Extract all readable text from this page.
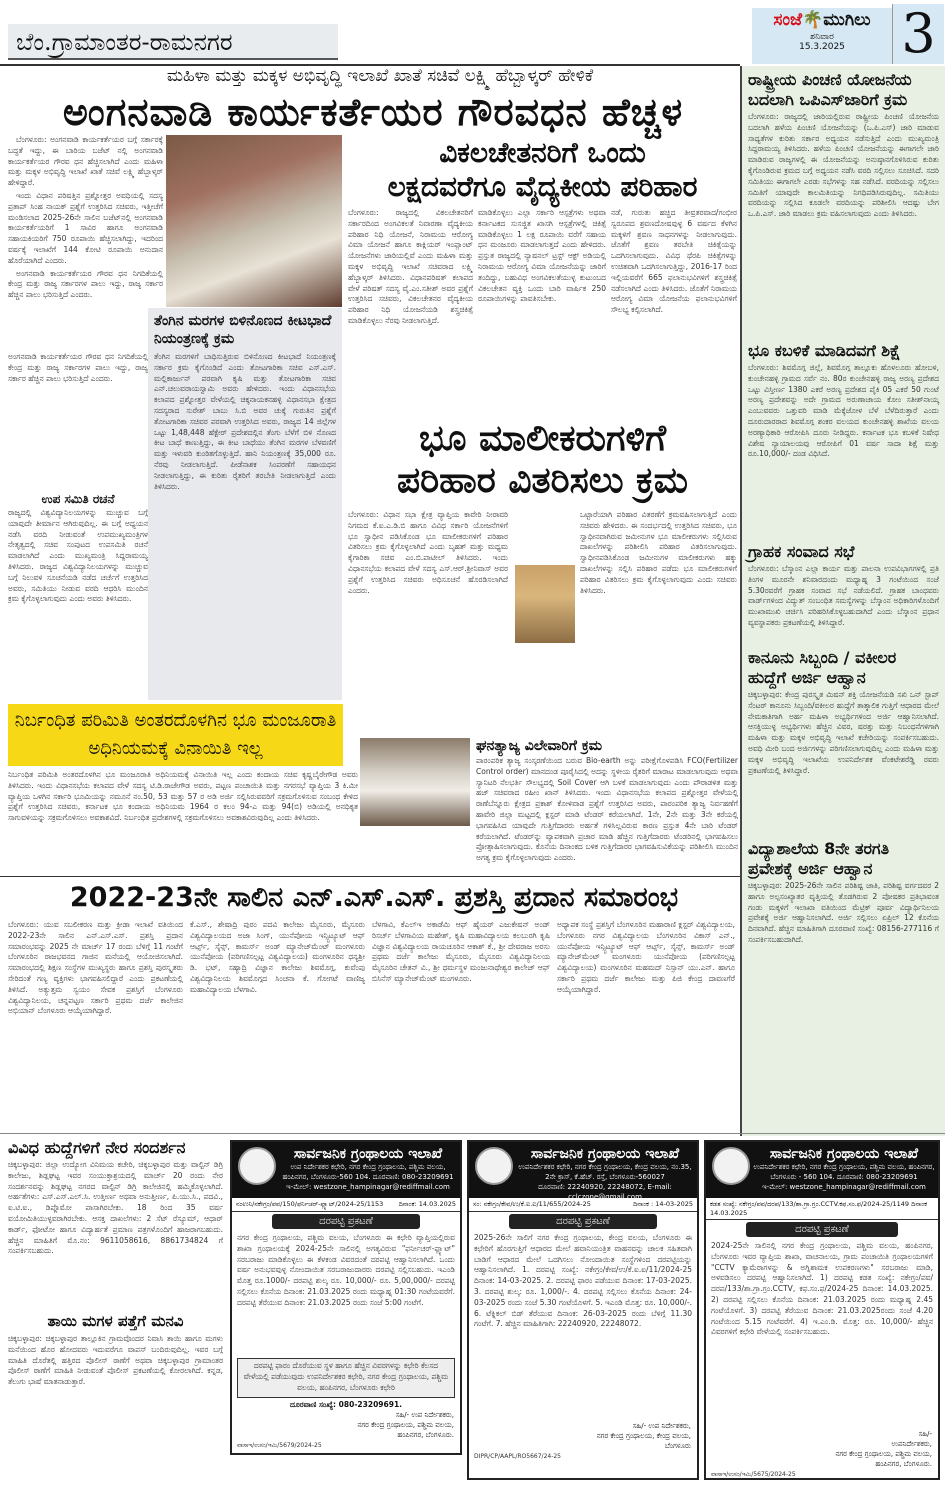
ಬೆಂ.ಗ್ರಾಮಾಂತರ-ರಾಮನಗರ
ಸಂಜೆ🌴ಮುಗಿಲು
ಶನಿವಾರ
15.3.2025	3
ಮಹಿಳಾ ಮತ್ತು ಮಕ್ಕಳ ಅಭಿವೃದ್ಧಿ ಇಲಾಖೆ ಖಾತೆ ಸಚಿವೆ ಲಕ್ಷ್ಮಿ ಹೆಬ್ಬಾಳ್ಕರ್ ಹೇಳಿಕೆ
ಅಂಗನವಾಡಿ ಕಾರ್ಯಕರ್ತೆಯರ ಗೌರವಧನ ಹೆಚ್ಚಳ

ಬೆಂಗಳೂರು: ಅಂಗನವಾಡಿ ಕಾರ್ಯಕರ್ತೆಯರ ಬಗ್ಗೆ ಸರ್ಕಾರಕ್ಕೆ ಬದ್ಧತೆ ಇದ್ದು, ಈ ಬಾರಿಯ ಬಜೆಟ್ ನಲ್ಲಿ ಅಂಗನವಾಡಿ ಕಾರ್ಯಕರ್ತೆಯರ ಗೌರವ ಧನ ಹೆಚ್ಚಿಸಲಾಗಿದೆ ಎಂದು ಮಹಿಳಾ ಮತ್ತು ಮಕ್ಕಳ ಅಭಿವೃದ್ಧಿ ಇಲಾಖೆ ಖಾತೆ ಸಚಿವೆ ಲಕ್ಷ್ಮಿ ಹೆಬ್ಬಾಳ್ಕರ್ ಹೇಳಿದ್ದಾರೆ.

ಇಂದು ವಿಧಾನ ಪರಿಷತ್ತಿನ ಪ್ರಶ್ನೋತ್ತರ ಅವಧಿಯಲ್ಲಿ ಸದಸ್ಯ ಪ್ರತಾಪ್ ಸಿಂಹ ನಾಯಕ್ ಪ್ರಶ್ನೆಗೆ ಉತ್ತರಿಸಿದ ಸಚಿವರು, ಇತ್ತೀಚೆಗೆ ಮಂಡಿಸಲಾದ 2025-26ನೇ ಸಾಲಿನ ಬಜೆಟ್‌ನಲ್ಲಿ ಅಂಗನವಾಡಿ ಕಾರ್ಯಕರ್ತೆಯರಿಗೆ 1 ಸಾವಿರ ಹಾಗೂ ಅಂಗನವಾಡಿ ಸಹಾಯಕಿಯರಿಗೆ 750 ರೂಪಾಯಿ ಹೆಚ್ಚಿಸಲಾಗಿದ್ದು, ಇದರಿಂದ ವರ್ಷಕ್ಕೆ ಇಲಾಖೆಗೆ 144 ಕೋಟಿ ರೂಪಾಯಿ ಅನುದಾನ ಹೊರೆಯಾಗಿದೆ ಎಂದರು.

ಅಂಗನವಾಡಿ ಕಾರ್ಯಕರ್ತೆಯರ ಗೌರವ ಧನ ನಿಗದಿಕೆಯಲ್ಲಿ ಕೇಂದ್ರ ಮತ್ತು ರಾಜ್ಯ ಸರ್ಕಾರಗಳ ಪಾಲು ಇದ್ದು, ರಾಜ್ಯ ಸರ್ಕಾರ ಹೆಚ್ಚಿನ ಪಾಲು ಭರಿಸುತ್ತಿದೆ ಎಂದರು.

ಅಂಗನವಾಡಿ ಕಾರ್ಯಕರ್ತೆಯರ ಗೌರವ ಧನ ನಿಗದಿಕೆಯಲ್ಲಿ ಕೇಂದ್ರ ಮತ್ತು ರಾಜ್ಯ ಸರ್ಕಾರಗಳ ಪಾಲು ಇದ್ದು, ರಾಜ್ಯ ಸರ್ಕಾರ ಹೆಚ್ಚಿನ ಪಾಲು ಭರಿಸುತ್ತಿದೆ ಎಂದರು.
ಉಪ ಸಮಿತಿ ರಚನೆ
ರಾಜ್ಯದಲ್ಲಿ ವಿಶ್ವವಿದ್ಯಾನಿಲಯಗಳನ್ನು ಮುಚ್ಚುವ ಬಗ್ಗೆ ಯಾವುದೇ ತೀರ್ಮಾನ ಆಗಿರುವುದಿಲ್ಲ. ಈ ಬಗ್ಗೆ ಅಧ್ಯಯನ ನಡೆಸಿ ವರದಿ ನೀಡುವಂತೆ ಉಪಮುಖ್ಯಮಂತ್ರಿಗಳ ನೇತೃತ್ವದಲ್ಲಿ ಸಚಿವ ಸಂಪುಟದ ಉಪಸಮಿತಿ ರಚನೆ ಮಾಡಲಾಗಿದೆ ಎಂದು ಮುಖ್ಯಮಂತ್ರಿ ಸಿದ್ದರಾಮಯ್ಯ ತಿಳಿಸಿದರು. ರಾಜ್ಯದ ವಿಶ್ವವಿದ್ಯಾನಿಲಯಗಳನ್ನು ಮುಚ್ಚುವ ಬಗ್ಗೆ ನಿಲುವಳಿ ಸೂಚನೆಯಡಿ ನಡೆದ ಚರ್ಚೆಗೆ ಉತ್ತರಿಸಿದ ಅವರು, ಸಮಿತಿಯು ನೀಡುವ ವರದಿ ಆಧರಿಸಿ ಮುಂದಿನ ಕ್ರಮ ಕೈಗೊಳ್ಳಲಾಗುವುದು ಎಂದು ಅವರು ತಿಳಿಸಿದರು.
ತೆಂಗಿನ ಮರಗಳ ಬಿಳಿನೊಣದ ಕೀಟಭಾದೆ ನಿಯಂತ್ರಣಕ್ಕೆ ಕ್ರಮ
ತೆಂಗಿನ ಮರಗಳಿಗೆ ಬಾಧಿಸುತ್ತಿರುವ ಬಿಳಿನೊಣದ ಕೀಟಭಾದೆ ನಿಯಂತ್ರಣಕ್ಕೆ ಸರ್ಕಾರ ಕ್ರಮ ಕೈಗೊಂಡಿದೆ ಎಂದು ತೋಟಗಾರಿಕಾ ಸಚಿವ ಎಸ್.ಎಸ್. ಮಲ್ಲಿಕಾರ್ಜುನ್ ಪರವಾಗಿ ಕೃಷಿ ಮತ್ತು ತೋಟಗಾರಿಕಾ ಸಚಿವ ಎನ್.ಚಲುವರಾಯಸ್ವಾಮಿ ಅವರು ಹೇಳಿದರು. ಇಂದು ವಿಧಾನಸಭೆಯ ಕಲಾಪದ ಪ್ರಶ್ನೋತ್ತರ ವೇಳೆಯಲ್ಲಿ ಚಿಕ್ಕನಾಯಕನಹಳ್ಳಿ ವಿಧಾನಸಭಾ ಕ್ಷೇತ್ರದ ಸದಸ್ಯರಾದ ಸುರೇಶ್ ಬಾಬು ಸಿ.ಬಿ ಅವರ ಚುಕ್ಕೆ ಗುರುತಿನ ಪ್ರಶ್ನೆಗೆ ತೋಟಗಾರಿಕಾ ಸಚಿವರ ಪರವಾಗಿ ಉತ್ತರಿಸಿದ ಅವರು, ರಾಜ್ಯದ 14 ಜಿಲ್ಲೆಗಳ ಒಟ್ಟು 1,48,448 ಹೆಕ್ಟೇರ್ ಪ್ರದೇಶದಲ್ಲಿನ ತೆಂಗು ಬೆಳೆಗೆ ಬಿಳಿ ನೊಣದ ಕೀಟ ಬಾಧೆ ಕಾಣುತ್ತಿದ್ದು, ಈ ಕೀಟ ಬಾಧೆಯು ತೆಂಗಿನ ಮರಗಳ ಬೆಳವಣಿಗೆ ಮತ್ತು ಇಳುವರಿ ಕುಂಠಿತಗೊಳ್ಳುತ್ತಿದೆ. ಹಾನಿ ನಿಯಂತ್ರಣಕ್ಕೆ 35,000 ರೂ. ನೆರವು ನೀಡಲಾಗುತ್ತಿದೆ. ಪೀಡೆನಾಶಕ ಸಿಂಪರಣೆಗೆ ಸಹಾಯಧನ ನೀಡಲಾಗುತ್ತಿದ್ದು, ಈ ಕುರಿತು ರೈತರಿಗೆ ತರಬೇತಿ ನೀಡಲಾಗುತ್ತಿದೆ ಎಂದು ತಿಳಿಸಿದರು.
ವಿಕಲಚೇತನರಿಗೆ ಒಂದು
ಲಕ್ಷದವರೆಗೂ ವೈದ್ಯಕೀಯ ಪರಿಹಾರ
ಬೆಂಗಳೂರು: ರಾಜ್ಯದಲ್ಲಿ ವಿಕಲಚೇತನರಿಗೆ ಸರ್ಕಾರದಿಂದ ಅಂಗವಿಕಲತೆ ನಿವಾರಣಾ ವೈದ್ಯಕೀಯ ಪರಿಹಾರ ನಿಧಿ ಯೋಜನೆ, ನಿರಾಮಯ ಆರೋಗ್ಯ ವಿಮಾ ಯೋಜನೆ ಹಾಗೂ ಕಾಕ್ಲಿಯರ್ ಇಂಪ್ಲಾಂಟ್ ಯೋಜನೆಗಳು ಜಾರಿಯಲ್ಲಿವೆ ಎಂದು ಮಹಿಳಾ ಮತ್ತು ಮಕ್ಕಳ ಅಭಿವೃದ್ಧಿ ಇಲಾಖೆ ಸಚಿವರಾದ ಲಕ್ಷ್ಮಿ ಹೆಬ್ಬಾಳ್ಕರ್ ತಿಳಿಸಿದರು. ವಿಧಾನಪರಿಷತ್ ಕಲಾಪದ ವೇಳೆ ಪರಿಷತ್ ಸದಸ್ಯ ವೈ.ಎಂ.ಸತೀಶ್ ಅವರ ಪ್ರಶ್ನೆಗೆ ಉತ್ತರಿಸಿದ ಸಚಿವರು, ವಿಕಲಚೇತನರ ವೈದ್ಯಕೀಯ ಪರಿಹಾರ ನಿಧಿ ಯೋಜನೆಯಡಿ ಶಸ್ತ್ರಚಿಕಿತ್ಸೆ ಮಾಡಿಕೊಳ್ಳಲು ನೆರವು ನೀಡಲಾಗುತ್ತಿದೆ.
ಮಾಡಿಕೊಳ್ಳಲು ಎಲ್ಲಾ ಸರ್ಕಾರಿ ಆಸ್ಪತ್ರೆಗಳು ಅಥವಾ ಕರ್ನಾಟಕದ ಸುಸಜ್ಜಿತ ಖಾಸಗಿ ಆಸ್ಪತ್ರೆಗಳಲ್ಲಿ ಚಿಕಿತ್ಸೆ ಮಾಡಿಕೊಳ್ಳಲು 1 ಲಕ್ಷ ರೂಪಾಯಿ ವರೆಗೆ ಸಹಾಯ ಧನ ಮಂಜೂರು ಮಾಡಲಾಗುತ್ತದೆ ಎಂದು ಹೇಳಿದರು. ಪ್ರಸ್ತುತ ರಾಜ್ಯದಲ್ಲಿ ನ್ಯಾಷನಲ್ ಟ್ರಸ್ಟ್ ಆಕ್ಟ್ ಅಡಿಯಲ್ಲಿ ನಿರಾಮಯ ಆರೋಗ್ಯ ವಿಮಾ ಯೋಜನೆಯನ್ನು ಜಾರಿಗೆ ತಂದಿದ್ದು, ಬಹುವಿಧ ಅಂಗವಿಕಲತೆಯುಳ್ಳ ಕುಟುಂಬದ ವಿಕಲಚೇತನ ವ್ಯಕ್ತಿ ಒಂದು ಬಾರಿ ವಾರ್ಷಿಕ 250 ರೂಪಾಯಿಗಳನ್ನು ಪಾವತಿಸಬೇಕು.
ನಡೆ, ಗುರುತು ಹಚ್ಚಿದ ತೀವ್ರತರವಾದ/ಗಂಭೀರ ಸ್ವರೂಪದ ಶ್ರವಣದೋಷವುಳ್ಳ 6 ವರ್ಷದ ಕೆಳಗಿನ ಮಕ್ಕಳಿಗೆ ಶ್ರವಣ ಸಾಧನಗಳನ್ನು ನೀಡಲಾಗುವುದು. ಜೊತೆಗೆ ಶ್ರವಣ ತರಬೇತಿ ಚಿಕಿತ್ಸೆಯನ್ನು ಒದಗಿಸಲಾಗುವುದು. ವಿವಿಧ ಥೆರಪಿ ಚಿಕಿತ್ಸೆಗಳನ್ನು ಉಚಿತವಾಗಿ ಒದಗಿಸಲಾಗುತ್ತಿದ್ದು, 2016-17 ರಿಂದ ಇಲ್ಲಿಯವರೆಗೆ 665 ಫಲಾನುಭವಿಗಳಿಗೆ ಶಸ್ತ್ರಚಿಕಿತ್ಸೆ ನಡೆಸಲಾಗಿದೆ ಎಂದು ತಿಳಿಸಿದರು. ಜೊತೆಗೆ ನಿರಾಮಯ ಆರೋಗ್ಯ ವಿಮಾ ಯೋಜನೆಯ ಫಲಾನುಭವಿಗಳಿಗೆ ಸೌಲಭ್ಯ ಕಲ್ಪಿಸಲಾಗಿದೆ.
ಭೂ ಮಾಲೀಕರುಗಳಿಗೆ
ಪರಿಹಾರ ವಿತರಿಸಲು ಕ್ರಮ
ಬೆಂಗಳೂರು: ವಿಧಾನ ಸಭಾ ಕ್ಷೇತ್ರ ವ್ಯಾಪ್ತಿಯ ಕಾವೇರಿ ನೀರಾವರಿ ನಿಗಮದ ಕೆ.ಐ.ಎ.ಡಿ.ಬಿ ಹಾಗೂ ವಿವಿಧ ಸರ್ಕಾರಿ ಯೋಜನೆಗಳಿಗೆ ಭೂ ಸ್ವಾಧೀನ ಪಡಿಸಿಕೊಂಡ ಭೂ ಮಾಲೀಕರುಗಳಿಗೆ ಪರಿಹಾರ ವಿತರಿಸಲು ಕ್ರಮ ಕೈಗೊಳ್ಳಲಾಗಿದೆ ಎಂದು ಬೃಹತ್ ಮತ್ತು ಮಧ್ಯಮ ಕೈಗಾರಿಕಾ ಸಚಿವ ಎಂ.ಬಿ.ಪಾಟೀಲ್ ತಿಳಿಸಿದರು. ಇಂದು ವಿಧಾನಸಭೆಯ ಕಲಾಪದ ವೇಳೆ ಸದಸ್ಯ ಎಸ್.ಆರ್.ಶ್ರೀನಿವಾಸ್ ಅವರ ಪ್ರಶ್ನೆಗೆ ಉತ್ತರಿಸಿದ ಸಚಿವರು ಅಧಿಸೂಚನೆ ಹೊರಡಿಸಲಾಗಿದೆ ಎಂದರು.
ಒಟ್ಟಾರೆಯಾಗಿ ಪರಿಹಾರ ವಿತರಣೆಗೆ ಕ್ರಮವಹಿಸಲಾಗುತ್ತಿದೆ ಎಂದು ಸಚಿವರು ಹೇಳಿದರು. ಈ ಸಂದರ್ಭದಲ್ಲಿ ಉತ್ತರಿಸಿದ ಸಚಿವರು, ಭೂ ಸ್ವಾಧೀನವಾಗಿರುವ ಜಮೀನುಗಳ ಭೂ ಮಾಲೀಕರುಗಳು ಸಲ್ಲಿಸಿರುವ ದಾಖಲೆಗಳನ್ನು ಪರಿಶೀಲಿಸಿ ಪರಿಹಾರ ವಿತರಿಸಲಾಗುವುದು. ಸ್ವಾಧೀನಪಡಿಸಿಕೊಂಡ ಜಮೀನುಗಳ ಮಾಲೀಕರುಗಳು ಹಕ್ಕು ದಾಖಲೆಗಳನ್ನು ಸಲ್ಲಿಸಿ ಪರಿಹಾರ ಪಡೆದು ಭೂ ಮಾಲೀಕರುಗಳಿಗೆ ಪರಿಹಾರ ವಿತರಿಸಲು ಕ್ರಮ ಕೈಗೊಳ್ಳಲಾಗುವುದು ಎಂದು ಸಚಿವರು ತಿಳಿಸಿದರು.
ಘನತ್ಯಾಜ್ಯ ವಿಲೇವಾರಿಗೆ ಕ್ರಮ
ಪಾರಂಪರಿಕ ತ್ಯಾಜ್ಯ ಸಂಸ್ಕರಣೆಯಿಂದ ಬರುವ Bio-earth ಅನ್ನು ಪರೀಕ್ಷೆಗೊಳಪಡಿಸಿ FCO(Fertilizer Control order) ಮಾನದಂಡ ಪೂರೈಸಿದಲ್ಲಿ ಅದನ್ನು ಸ್ಥಳೀಯ ರೈತರಿಗೆ ಮಾರಾಟ ಮಾಡಲಾಗುವುದು ಅಥವಾ ಸ್ಯಾನಿಟರಿ ನೆಲಭರ್ತಿ ಸೌಲಭ್ಯದಲ್ಲಿ Soil Cover ಆಗಿ ಬಳಕೆ ಮಾಡಲಾಗುವುದು ಎಂದು ಪೌರಾಡಳಿತ ಮತ್ತು ಹಜ್ ಸಚಿವರಾದ ರಹೀಂ ಖಾನ್ ತಿಳಿಸಿದರು. ಇಂದು ವಿಧಾನಸಭೆಯ ಕಲಾಪದ ಪ್ರಶ್ನೋತ್ತರ ವೇಳೆಯಲ್ಲಿ ರಾಣೆಬೆನ್ನೂರು ಕ್ಷೇತ್ರದ ಪ್ರಕಾಶ್ ಕೋಳಿವಾಡ ಪ್ರಶ್ನೆಗೆ ಉತ್ತರಿಸಿದ ಅವರು, ಪಾರಂಪರಿಕ ತ್ಯಾಜ್ಯ ನಿರ್ವಹಣೆಗೆ ಹಾವೇರಿ ಜಿಲ್ಲಾ ಮಟ್ಟದಲ್ಲಿ ಕ್ಲಸ್ಟರ್ ಮಾಡಿ ಟೆಂಡರ್ ಕರೆಯಲಾಗಿದೆ. 1ನೇ, 2ನೇ ಮತ್ತು 3ನೇ ಕರೆಯಲ್ಲಿ ಭಾಗವಹಿಸಿದ ಯಾವುದೇ ಗುತ್ತಿಗೆದಾರರು ಅರ್ಹತೆ ಗಳಿಸಿಲ್ಲವಿರುವ ಕಾರಣ ಪ್ರಸ್ತುತ 4ನೇ ಬಾರಿ ಟೆಂಡರ್ ಕರೆಯಲಾಗಿದೆ. ಟೆಂಡರ್‌ನ್ನು ವ್ಯಾಪಕವಾಗಿ ಪ್ರಚಾರ ಮಾಡಿ ಹೆಚ್ಚಿನ ಗುತ್ತಿಗೆದಾರರು ಟೆಂಡರಿನಲ್ಲಿ ಭಾಗವಹಿಸಲು ಪ್ರೋತ್ಸಾಹಿಸಲಾಗುವುದು. ಕೊನೆಯ ದಿನಾಂಕದ ಬಳಿಕ ಗುತ್ತಿಗೆದಾರರ ಭಾಗವಹಿಸುವಿಕೆಯನ್ನು ಪರಿಶೀಲಿಸಿ ಮುಂದಿನ ಅಗತ್ಯ ಕ್ರಮ ಕೈಗೊಳ್ಳಲಾಗುವುದು ಎಂದರು.
ನಿರ್ಬಂಧಿತ ಪರಿಮಿತಿ ಅಂತರದೊಳಗಿನ ಭೂ ಮಂಜೂರಾತಿ ಅಧಿನಿಯಮಕ್ಕೆ ವಿನಾಯಿತಿ ಇಲ್ಲ
ನಿರ್ಬಂಧಿತ ಪರಿಮಿತಿ ಅಂತರದೊಳಗಿನ ಭೂ ಮಂಜೂರಾತಿ ಅಧಿನಿಯಮಕ್ಕೆ ವಿನಾಯಿತಿ ಇಲ್ಲ ಎಂದು ಕಂದಾಯ ಸಚಿವ ಕೃಷ್ಣಬೈರೇಗೌಡ ಅವರು ತಿಳಿಸಿದರು. ಇಂದು ವಿಧಾನಸಭೆಯ ಕಲಾಪದ ವೇಳೆ ಸದಸ್ಯ ಟಿ.ಡಿ.ರಾಜೇಗೌಡ ಅವರು, ಪಟ್ಟಣ ಪಂಚಾಯಿತಿ ಮತ್ತು ನಗರಸಭೆ ವ್ಯಾಪ್ತಿಯ 3 ಕಿ.ಮೀ ವ್ಯಾಪ್ತಿಯ ಒಳಗಿನ ಸರ್ಕಾರಿ ಭೂಮಿಯನ್ನು ನಮೂನೆ ನಂ.50, 53 ಮತ್ತು 57 ರ ಅಡಿ ಅರ್ಜಿ ಸಲ್ಲಿಸಿರುವವರಿಗೆ ಸಕ್ರಮಗೊಳಿಸುವ ಸಂಬಂಧ ಕೇಳಿದ ಪ್ರಶ್ನೆಗೆ ಉತ್ತರಿಸಿದ ಸಚಿವರು, ಕರ್ನಾಟಕ ಭೂ ಕಂದಾಯ ಅಧಿನಿಯಮ 1964 ರ ಕಲಂ 94-ಎ ಮತ್ತು 94(ಬಿ) ಅಡಿಯಲ್ಲಿ ಅನಧಿಕೃತ ಸಾಗುವಳಿಯನ್ನು ಸಕ್ರಮಗೊಳಿಸಲು ಅವಕಾಶವಿದೆ. ನಿರ್ಬಂಧಿತ ಪ್ರದೇಶಗಳಲ್ಲಿ ಸಕ್ರಮಗೊಳಿಸಲು ಅವಕಾಶವಿರುವುದಿಲ್ಲ ಎಂದು ತಿಳಿಸಿದರು.
ರಾಷ್ಟ್ರೀಯ ಪಿಂಚಣಿ ಯೋಜನೆಯ ಬದಲಾಗಿ ಒಪಿಎಸ್‌ಜಾರಿಗೆ ಕ್ರಮ
ಬೆಂಗಳೂರು: ರಾಜ್ಯದಲ್ಲಿ ಜಾರಿಯಲ್ಲಿರುವ ರಾಷ್ಟ್ರೀಯ ಪಿಂಚಣಿ ಯೋಜನೆಯ ಬದಲಾಗಿ ಹಳೆಯ ಪಿಂಚಣಿ ಯೋಜನೆಯನ್ನು (ಒ.ಪಿ.ಎಸ್) ಜಾರಿ ಮಾಡುವ ಸಾಧ್ಯತೆಗಳ ಕುರಿತು ಸರ್ಕಾರ ಅಧ್ಯಯನ ನಡೆಸುತ್ತಿದೆ ಎಂದು ಮುಖ್ಯಮಂತ್ರಿ ಸಿದ್ದರಾಮಯ್ಯ ತಿಳಿಸಿದರು. ಹಳೆಯ ಪಿಂಚಣಿ ಯೋಜನೆಯನ್ನು ಈಗಾಗಲೇ ಜಾರಿ ಮಾಡಿರುವ ರಾಜ್ಯಗಳಲ್ಲಿ ಈ ಯೋಜನೆಯನ್ನು ಅನುಷ್ಠಾನಗೊಳಿಸಿರುವ ಕುರಿತು ಕೈಗೊಂಡಿರುವ ಕ್ರಮದ ಬಗ್ಗೆ ಅಧ್ಯಯನ ನಡೆಸಿ ವರದಿ ಸಲ್ಲಿಸಲು ಸೂಚಿಸಿದೆ. ಸದರಿ ಸಮಿತಿಯು ಈಗಾಗಲೇ ಎರಡು ಸಭೆಗಳನ್ನು ಸಹ ನಡೆಸಿದೆ. ವರದಿಯನ್ನು ಸಲ್ಲಿಸಲು ಸಮಿತಿಗೆ ಯಾವುದೇ ಕಾಲಮಿತಿಯನ್ನು ನಿಗಧಿಪಡಿಸಿರುವುದಿಲ್ಲ. ಸಮಿತಿಯು ವರದಿಯನ್ನು ಸಲ್ಲಿಸಿದ ಕೂಡಲೇ ವರದಿಯನ್ನು ಪರಿಶೀಲಿಸಿ ಆದಷ್ಟು ಬೇಗ ಒ.ಪಿ.ಎಸ್. ಜಾರಿ ಮಾಡಲು ಕ್ರಮ ವಹಿಸಲಾಗುವುದು ಎಂದು ತಿಳಿಸಿದರು.
ಭೂ ಕಬಳಿಕೆ ಮಾಡಿದವಗೆ ಶಿಕ್ಷೆ
ಬೆಂಗಳೂರು: ಶಿವಮೊಗ್ಗ ಜಿಲ್ಲೆ, ಶಿವಮೊಗ್ಗ ತಾಲ್ಲೂಕು ಹೊಳಲೂರು ಹೋಬಳಿ, ಕುಂಚೇನಹಳ್ಳಿ ಗ್ರಾಮದ ಸರ್ವೆ ನಂ. 80ರ ಕುಂಚೇನಹಳ್ಳಿ ರಾಜ್ಯ ಅರಣ್ಯ ಪ್ರದೇಶದ ಒಟ್ಟು ವಿಸ್ತೀರ್ಣ 1380 ಎಕರೆ ಅರಣ್ಯ ಪ್ರದೇಶದ ಪೈಕಿ 05 ಎಕರೆ 50 ಗುಂಟೆ ಅರಣ್ಯ ಪ್ರದೇಶವನ್ನು ಅದೇ ಗ್ರಾಮದ ಅರುಣಾಚಾಯ ಕೋಂ ಸತೀಶ್‌ನಾಯ್ಕ ಎಂಬುವವರು ಒತ್ತುವರಿ ಮಾಡಿ ಮೆಕ್ಕೆಜೋಳ ಬೆಳೆ ಬೆಳೆದಿರುತ್ತಾರೆ ಎಂದು ದೂರುದಾರರಾದ ಶಿವಮೊಗ್ಗ ಶಂಕರ ವಲಯದ ಕುಂಚೇನಹಳ್ಳಿ ಶಾಖೆಯ ವಲಯ ಅರಣ್ಯಾಧಿಕಾರಿ ಆರೋಪಿಸಿ ದೂರು ನೀಡಿದ್ದರು. ಕರ್ನಾಟಕ ಭೂ ಕಬಳಿಕೆ ನಿಷೇಧ ವಿಶೇಷ ನ್ಯಾಯಾಲಯವು ಆರೋಪಿಗೆ 01 ವರ್ಷ ಸಾದಾ ಶಿಕ್ಷೆ ಮತ್ತು ರೂ.10,000/- ದಂಡ ವಿಧಿಸಿದೆ.
ಗ್ರಾಹಕ ಸಂವಾದ ಸಭೆ
ಬೆಂಗಳೂರು: ಬೆಸ್ಕಾಂನ ಎಲ್ಲಾ ಕಾರ್ಯ ಮತ್ತು ಪಾಲನಾ ಉಪವಿಭಾಗಗಳಲ್ಲಿ ಪ್ರತಿ ತಿಂಗಳ ಮೂರನೇ ಶನಿವಾರದಂದು ಮಧ್ಯಾಹ್ನ 3 ಗಂಟೆಯಿಂದ ಸಂಜೆ 5.30ರವರೆಗೆ ಗ್ರಾಹಕ ಸಂವಾದ ಸಭೆ ನಡೆಯಲಿದೆ. ಗ್ರಾಹಕ ಬಾಂಧವರು ವಾರ್ಡ್‌ಗಳಿಂದ ವಿದ್ಯುತ್ ಸಂಬಂಧಿತ ಸಮಸ್ಯೆಗಳನ್ನು ಬೆಸ್ಕಾಂನ ಅಧಿಕಾರಿಗಳೊಂದಿಗೆ ಮುಖಾಮುಖಿ ಚರ್ಚಿಸಿ ಪರಿಹರಿಸಿಕೊಳ್ಳಬಹುದಾಗಿದೆ ಎಂದು ಬೆಸ್ಕಾಂನ ಪ್ರಧಾನ ವ್ಯವಸ್ಥಾಪಕರು ಪ್ರಕಟಣೆಯಲ್ಲಿ ತಿಳಿಸಿದ್ದಾರೆ.
ಕಾನೂನು ಸಿಬ್ಬಂದಿ / ವಕೀಲರ ಹುದ್ದೆಗೆ ಅರ್ಜಿ ಆಹ್ವಾನ
ಚಿಕ್ಕಬಳ್ಳಾಪುರ: ಕೇಂದ್ರ ಪುರಸ್ಕೃತ ಮಿಷನ್ ಶಕ್ತಿ ಯೋಜನೆಯಡಿ ಸಖಿ ಒನ್ ಸ್ಟಾಪ್ ಸೆಂಟರ್ ಕಾನೂನು ಸಿಬ್ಬಂದಿ/ವಕೀಲರ ಹುದ್ದೆಗೆ ತಾತ್ಕಾಲಿಕ ಗುತ್ತಿಗೆ ಆಧಾರದ ಮೇಲೆ ನೇಮಕಾತಿಗಾಗಿ ಅರ್ಹ ಮಹಿಳಾ ಅಭ್ಯರ್ಥಿಗಳಿಂದ ಅರ್ಜಿ ಆಹ್ವಾನಿಸಲಾಗಿದೆ. ಆಸಕ್ತಿಯುಳ್ಳ ಅಭ್ಯರ್ಥಿಗಳು ಹೆಚ್ಚಿನ ವಿವರ, ಷರತ್ತು ಮತ್ತು ನಿಬಂಧನೆಗಳಿಗಾಗಿ ಮಹಿಳಾ ಮತ್ತು ಮಕ್ಕಳ ಅಭಿವೃದ್ಧಿ ಇಲಾಖೆ ಕಚೇರಿಯನ್ನು ಸಂಪರ್ಕಿಸಬಹುದು. ಅವಧಿ ಮೀರಿ ಬಂದ ಅರ್ಜಿಗಳನ್ನು ಪರಿಗಣಿಸಲಾಗುವುದಿಲ್ಲ ಎಂದು ಮಹಿಳಾ ಮತ್ತು ಮಕ್ಕಳ ಅಭಿವೃದ್ಧಿ ಇಲಾಖೆಯ ಉಪನಿರ್ದೇಶಕ ವೆಂಕಟೇಶರೆಡ್ಡಿ ರವರು ಪ್ರಕಟಣೆಯಲ್ಲಿ ತಿಳಿಸಿದ್ದಾರೆ.
ವಿದ್ಯಾಶಾಲೆಯ 8ನೇ ತರಗತಿ ಪ್ರವೇಶಕ್ಕೆ ಅರ್ಜಿ ಆಹ್ವಾನ
ಚಿಕ್ಕಬಳ್ಳಾಪುರ: 2025-26ನೇ ಸಾಲಿನ ಪರಿಶಿಷ್ಟ ಜಾತಿ, ಪರಿಶಿಷ್ಟ ವರ್ಗದವರ 2 ಹಾಗೂ ಅಲ್ಪಸಂಖ್ಯಾತರ ವೃತ್ತಿಯಲ್ಲಿ ತೊಡಗಿರುವ 2 ಪೋಷಕರ ಪ್ರತಿಭಾವಂತ ಗಂಡು ಮಕ್ಕಳಿಗೆ ಇಲಾಖಾ ವತಿಯಿಂದ ಮೆಟ್ರಿಕ್ ಪೂರ್ವ ವಿದ್ಯಾರ್ಥಿನಿಲಯ ಪ್ರವೇಶಕ್ಕೆ ಅರ್ಜಿ ಆಹ್ವಾನಿಸಲಾಗಿದೆ. ಅರ್ಜಿ ಸಲ್ಲಿಸಲು ಏಪ್ರಿಲ್ 12 ಕೊನೆಯ ದಿನವಾಗಿದೆ. ಹೆಚ್ಚಿನ ಮಾಹಿತಿಗಾಗಿ ದೂರವಾಣಿ ಸಂಖ್ಯೆ: 08156-277116 ಗೆ ಸಂಪರ್ಕಿಸಬಹುದಾಗಿದೆ.
2022-23ನೇ ಸಾಲಿನ ಎನ್.ಎಸ್.ಎಸ್. ಪ್ರಶಸ್ತಿ ಪ್ರದಾನ ಸಮಾರಂಭ
ಬೆಂಗಳೂರು: ಯುವ ಸಬಲೀಕರಣ ಮತ್ತು ಕ್ರೀಡಾ ಇಲಾಖೆ ವತಿಯಿಂದ 2022-23ನೇ ಸಾಲಿನ ಎನ್.ಎಸ್.ಎಸ್. ಪ್ರಶಸ್ತಿ ಪ್ರದಾನ ಸಮಾರಂಭವನ್ನು 2025 ನೇ ಮಾರ್ಚ್ 17 ರಂದು ಬೆಳಿಗ್ಗೆ 11 ಗಂಟೆಗೆ ಬೆಂಗಳೂರಿನ ರಾಜಭವನದ ಗಾಜಿನ ಮನೆಯಲ್ಲಿ ಆಯೋಜಿಸಲಾಗಿದೆ. ಸಮಾರಂಭದಲ್ಲಿ ಶಿಕ್ಷಣ ಸಂಸ್ಥೆಗಳ ಮುಖ್ಯಸ್ಥರು ಹಾಗೂ ಪ್ರಶಸ್ತಿ ಪುರಸ್ಕೃತರು ಸೇರಿದಂತೆ ಗಣ್ಯ ವ್ಯಕ್ತಿಗಳು ಭಾಗವಹಿಸಲಿದ್ದಾರೆ ಎಂದು ಪ್ರಕಟಣೆಯಲ್ಲಿ ತಿಳಿಸಿದೆ. ಅತ್ಯುತ್ತಮ ಸ್ವಯಂ ಸೇವಕ ಪ್ರಶಸ್ತಿಗೆ ಬೆಂಗಳೂರು ವಿಶ್ವವಿದ್ಯಾನಿಲಯ, ಚನ್ನಪಟ್ಟಣ ಸರ್ಕಾರಿ ಪ್ರಥಮ ದರ್ಜೆ ಕಾಲೇಜಿನ ಅಭಿಯಾನ್ ಬೆಂಗಳೂರು ಆಯ್ಕೆಯಾಗಿದ್ದಾರೆ.
ಕೆ.ಎಸ್., ಶೇಷಾದ್ರಿ ಪುರಂ ಪದವಿ ಕಾಲೇಜು ಮೈಸೂರು, ಮೈಸೂರು ವಿಶ್ವವಿದ್ಯಾಲಯದ ಅಜಾ ಸಿಂಗ್, ಯುನೆಪೋಯ ಇನ್ಸ್ಟಿಟ್ಯೂಟ್ ಆಫ್ ಆರ್ಟ್ಸ್, ಸೈನ್ಸ್, ಕಾಮರ್ಸ್ ಅಂಡ್ ಮ್ಯಾನೇಜ್‌ಮೆಂಟ್ ಮಂಗಳೂರು ಯುನೆಪೋಯ (ಪರಿಗಣಿಸಲ್ಪಟ್ಟ ವಿಶ್ವವಿದ್ಯಾಲಯ) ಮಂಗಳೂರಿನ ಧನ್ಯಶ್ರೀ ಡಿ. ಭಟ್, ಸಹ್ಯಾದ್ರಿ ವಿಜ್ಞಾನ ಕಾಲೇಜು ಶಿವಮೊಗ್ಗ, ಕುವೆಂಪು ವಿಶ್ವವಿದ್ಯಾನಿಲಯ ಶಿವಮೊಗ್ಗದ ಸಿಂಚನಾ ಕೆ. ಗೋಗಟೆ ವಾಣಿಜ್ಯ ಮಹಾವಿದ್ಯಾಲಯ ಬೆಳಗಾವಿ.
ಬೆಳಗಾವಿ, ಕೆಎಲ್‌ಇ ಅಕಾಡೆಮಿ ಆಫ್ ಹೈಯರ್ ಎಜುಕೇಷನ್ ಅಂಡ್ ರಿಸರ್ಚ್ ಬೆಳಗಾವಿಯ ಮಹೇಶ್, ಕೃಷಿ ಮಹಾವಿದ್ಯಾಲಯ ಕಲಬುರಗಿ ಕೃಷಿ ವಿಜ್ಞಾನ ವಿಶ್ವವಿದ್ಯಾಲಯ ರಾಯಚೂರಿನ ಆಕಾಶ್ ಕೆ., ಶ್ರೀ ದೇವರಾಜ ಅರಸು ಪ್ರಥಮ ದರ್ಜೆ ಕಾಲೇಜು ಮೈಸೂರು, ಮೈಸೂರು ವಿಶ್ವವಿದ್ಯಾನಿಲಯ ಮೈಸೂರಿನ ಚೇತನ್ ವಿ., ಶ್ರೀ ಧರ್ಮಸ್ಥಳ ಮಂಜುನಾಥೇಶ್ವರ ಕಾಲೇಜ್ ಆಫ್ ಬಿಸಿನೆಸ್ ಮ್ಯಾನೇಜ್‌ಮೆಂಟ್ ಮಂಗಳೂರು.
ಅಧ್ಯಾಪಕ ಸಂಸ್ಥೆ ಪ್ರಶಸ್ತಿಗೆ ಬೆಂಗಳೂರಿನ ಮಹಾರಾಣಿ ಕ್ಲಸ್ಟರ್ ವಿಶ್ವವಿದ್ಯಾಲಯ, ಬೆಂಗಳೂರು ನಗರ ವಿಶ್ವವಿದ್ಯಾಲಯ ಬೆಂಗಳೂರಿನ ವಿಕಾಸ್ ಎನ್., ಯುನೆಪೋಯ ಇನ್ಸ್ಟಿಟ್ಯೂಟ್ ಆಫ್ ಆರ್ಟ್ಸ್, ಸೈನ್ಸ್, ಕಾಮರ್ಸ್ ಅಂಡ್ ಮ್ಯಾನೇಜ್‌ಮೆಂಟ್ ಮಂಗಳೂರು ಯುನೆಪೋಯ (ಪರಿಗಣಿಸಲ್ಪಟ್ಟ ವಿಶ್ವವಿದ್ಯಾಲಯ) ಮಂಗಳೂರಿನ ಮಹಮದ್ ನಿಸ್ಸಾನ್ ಯು.ಎನ್. ಹಾಗೂ ಸರ್ಕಾರಿ ಪ್ರಥಮ ದರ್ಜೆ ಕಾಲೇಜು ಮತ್ತು ಪಿಜಿ ಕೇಂದ್ರ ದಾವಣಗೆರೆ ಆಯ್ಕೆಯಾಗಿದ್ದಾರೆ.
ವಿವಿಧ ಹುದ್ದೆಗಳಿಗೆ ನೇರ ಸಂದರ್ಶನ
ಚಿಕ್ಕಬಳ್ಳಾಪುರ: ಜಿಲ್ಲಾ ಉದ್ಯೋಗ ವಿನಿಮಯ ಕಚೇರಿ, ಚಿಕ್ಕಬಳ್ಳಾಪುರ ಮತ್ತು ವಾಲ್ಟಿನ್ ಡಿಗ್ರಿ ಕಾಲೇಜು, ಶಿಡ್ಲಘಟ್ಟ ಇವರ ಸಂಯುಕ್ತಾಶ್ರಯದಲ್ಲಿ ಮಾರ್ಚ್ 20 ರಂದು ನೇರ ಸಂದರ್ಶನವನ್ನು ಶಿಡ್ಲಘಟ್ಟ ನಗರದ ವಾಲ್ಟಿನ್ ಡಿಗ್ರಿ ಕಾಲೇಜಿನಲ್ಲಿ ಹಮ್ಮಿಕೊಳ್ಳಲಾಗಿದೆ. ಅರ್ಹತೆಗಳು: ಎಸ್.ಎಸ್.ಎಲ್.ಸಿ. ಉತ್ತೀರ್ಣ ಅಥವಾ ಅನುತ್ತೀರ್ಣ, ಪಿ.ಯು.ಸಿ., ಪದವಿ., ಐ.ಟಿ.ಐ., ಡಿಪ್ಲೊಮೋ ಪಾಸಾಗಿರಬೇಕು. 18 ರಿಂದ 35 ವರ್ಷ ವಯೋಮಿತಿಯುಳ್ಳವರಾಗಿರಬೇಕು. ಆಸಕ್ತ ದಾಖಲೆಗಳು: 2 ಸೆಟ್ ರೆಸ್ಯೂಮ್, ಆಧಾರ್ ಕಾರ್ಡ್, ಫೋಟೋ ಹಾಗೂ ವಿದ್ಯಾರ್ಹತೆ ಪ್ರಮಾಣ ಪತ್ರಗಳೊಂದಿಗೆ ಹಾಜರಾಗಬಹುದು. ಹೆಚ್ಚಿನ ಮಾಹಿತಿಗೆ ಮೊ.ನಂ: 9611058616, 8861734824 ಗೆ ಸಂಪರ್ಕಿಸಬಹುದು.
ತಾಯಿ ಮಗಳ ಪತ್ತೆಗೆ ಮನವಿ
ಚಿಕ್ಕಬಳ್ಳಾಪುರ: ಚಿಕ್ಕಬಳ್ಳಾಪುರ ತಾಲ್ಲೂಕಿನ ಗ್ರಾಮವೊಂದರ ನಿವಾಸಿ ತಾಯಿ ಹಾಗೂ ಮಗಳು ಮನೆಯಿಂದ ಹೊರ ಹೋದವರು ಇದುವರೆಗೂ ವಾಪಸ್ ಬಂದಿರುವುದಿಲ್ಲ. ಇವರ ಬಗ್ಗೆ ಮಾಹಿತಿ ದೊರೆತಲ್ಲಿ ಹತ್ತಿರದ ಪೊಲೀಸ್ ಠಾಣೆಗೆ ಅಥವಾ ಚಿಕ್ಕಬಳ್ಳಾಪುರ ಗ್ರಾಮಾಂತರ ಪೊಲೀಸ್ ಠಾಣೆಗೆ ಮಾಹಿತಿ ನೀಡುವಂತೆ ಪೊಲೀಸ್ ಪ್ರಕಟಣೆಯಲ್ಲಿ ಕೋರಲಾಗಿದೆ. ಕನ್ನಡ, ತೆಲುಗು ಭಾಷೆ ಮಾತನಾಡುತ್ತಾರೆ.
ಸಾರ್ವಜನಿಕ ಗ್ರಂಥಾಲಯ ಇಲಾಖೆ
ಉಪ ನಿರ್ದೇಶಕರ ಕಛೇರಿ, ನಗರ ಕೇಂದ್ರ ಗ್ರಂಥಾಲಯ, ಪಶ್ಚಿಮ ವಲಯ, ಹಂಪಿನಗರ, ಬೆಂಗಳೂರು-560 104. ದೂರವಾಣಿ: 080-23209691
ಇ-ಮೇಲ್: westzone_hampinagar@rediffmail.com
ನಂಉನಿ/ನಕೇಗ್ರಂ/ಪವ/150/ಫರ್ನಿಚರ್-ಫ್ಲ್ಯಾಟ್/2024-25/1153 ದಿನಾಂಕ: 14.03.2025
ದರಪಟ್ಟಿ ಪ್ರಕಟಣೆ
ನಗರ ಕೇಂದ್ರ ಗ್ರಂಥಾಲಯ, ಪಶ್ಚಿಮ ವಲಯ, ಬೆಂಗಳೂರು ಈ ಕಛೇರಿ ವ್ಯಾಪ್ತಿಯಲ್ಲಿರುವ ಶಾಖಾ ಗ್ರಂಥಾಲಯಕ್ಕೆ 2024-25ನೇ ಸಾಲಿನಲ್ಲಿ ಅಗತ್ಯವಿರುವ "ಫರ್ನೀಚರ್-ಫ್ಲ್ಯಾಟ್" ಸರಬರಾಜು ಮಾಡಿಕೊಳ್ಳಲು ಈ ಕೆಳಕಂಡ ವಿವರದಂತೆ ದರಪಟ್ಟಿ ಆಹ್ವಾನಿಸಲಾಗಿದೆ. ಒಂದು ವರ್ಷ ಅನುಭವವುಳ್ಳ ನೋಂದಾಯಿತ ಸರಬರಾಜುದಾರರು ದರಪಟ್ಟಿ ಸಲ್ಲಿಸಬಹುದು. ಇಎಂಡಿ ಮೊತ್ತ ರೂ.1000/- ದರಪಟ್ಟಿ ಶುಲ್ಕ ರೂ. 10,000/- ರೂ. 5,00,000/- ದರಪಟ್ಟಿ ಸಲ್ಲಿಸಲು ಕೊನೆಯ ದಿನಾಂಕ: 21.03.2025 ರಂದು ಮಧ್ಯಾಹ್ನ 01:30 ಗಂಟೆಯವರೆಗೆ. ದರಪಟ್ಟಿ ತೆರೆಯುವ ದಿನಾಂಕ: 21.03.2025 ರಂದು ಸಂಜೆ 5:00 ಗಂಟೆಗೆ.
ದರಪಟ್ಟಿ ಫಾರಂ ದೊರೆಯುವ ಸ್ಥಳ ಹಾಗೂ ಹೆಚ್ಚಿನ ವಿವರಗಳನ್ನು ಕಛೇರಿ ಕೆಲಸದ ವೇಳೆಯಲ್ಲಿ ಪಡೆಯುವುದು ಉಪನಿರ್ದೇಶಕರ ಕಛೇರಿ, ನಗರ ಕೇಂದ್ರ ಗ್ರಂಥಾಲಯ, ಪಶ್ಚಿಮ ವಲಯ, ಹಂಪಿನಗರ, ಬೆಂಗಳೂರು ಕಛೇರಿ
ದೂರವಾಣಿ ಸಂಖ್ಯೆ: 080-23209691.
ಸಹಿ/- ಉಪ ನಿರ್ದೇಶಕರು,
ನಗರ ಕೇಂದ್ರ ಗ್ರಂಥಾಲಯ, ಪಶ್ಚಿಮ ವಲಯ,
ಹಂಪಿನಗರ, ಬೆಂಗಳೂರು.
ವಾಸಾಇ/ಉಸಂ/ಇಮಿ/5679/2024-25
ಸಾರ್ವಜನಿಕ ಗ್ರಂಥಾಲಯ ಇಲಾಖೆ
ಉಪನಿರ್ದೇಶಕರ ಕಛೇರಿ, ನಗರ ಕೇಂದ್ರ ಗ್ರಂಥಾಲಯ, ಕೇಂದ್ರ ವಲಯ, ನಂ.35, 2ನೇ ಕ್ರಾಸ್, ಕೆ.ಹೆಚ್. ರಸ್ತೆ, ಬೆಂಗಳೂರು-560027
ದೂರವಾಣಿ: 22240920, 22248072, E-mail: cclczone@gmail.com
ಸಂ: ನಕೇಗ್ರಂ/ಕೇವ/ಉ/ಕೆ.ಐ.ಐ/11/655/2024-25	ದಿನಾಂಕ : 14-03-2025
ದರಪಟ್ಟಿ ಪ್ರಕಟಣೆ
2025-26ನೇ ಸಾಲಿಗೆ ನಗರ ಕೇಂದ್ರ ಗ್ರಂಥಾಲಯ, ಕೇಂದ್ರ ವಲಯ, ಬೆಂಗಳೂರು ಈ ಕಛೇರಿಗೆ ಹೊರಗುತ್ತಿಗೆ ಆಧಾರದ ಮೇಲೆ ಹವಾನಿಯಂತ್ರಿತ ವಾಹನವನ್ನು ಚಾಲಕ ಸಹಿತವಾಗಿ ಬಾಡಿಗೆ ಆಧಾರದ ಮೇಲೆ ಒದಗಿಸಲು ನೋಂದಾಯಿತ ಸಂಸ್ಥೆಗಳಿಂದ ದರಪಟ್ಟಿಯನ್ನು ಆಹ್ವಾನಿಸಲಾಗಿದೆ. 1. ದರಪಟ್ಟಿ ಸಂಖ್ಯೆ: ನಕೇಗ್ರಂ/ಕೇವ/ಉ/ಕೆ.ಐ.ಐ/11/2024-25 ದಿನಾಂಕ: 14-03-2025. 2. ದರಪಟ್ಟಿ ಫಾರಂ ಪಡೆಯುವ ದಿನಾಂಕ: 17-03-2025. 3. ದರಪಟ್ಟಿ ಶುಲ್ಕ: ರೂ. 1,000/-. 4. ದರಪಟ್ಟಿ ಸಲ್ಲಿಸಲು ಕೊನೆಯ ದಿನಾಂಕ: 24-03-2025 ರಂದು ಸಂಜೆ 5.30 ಗಂಟೆಯೊಳಗೆ. 5. ಇಎಂಡಿ ಮೊತ್ತ: ರೂ. 10,000/-. 6. ಟೆಕ್ನಿಕಲ್ ಬಿಡ್ ತೆರೆಯುವ ದಿನಾಂಕ: 26-03-2025 ರಂದು ಬೆಳಿಗ್ಗೆ 11.30 ಗಂಟೆಗೆ. 7. ಹೆಚ್ಚಿನ ಮಾಹಿತಿಗಾಗಿ: 22240920, 22248072.
ಸಹಿ/- ಉಪ ನಿರ್ದೇಶಕರು,
ನಗರ ಕೇಂದ್ರ ಗ್ರಂಥಾಲಯ, ಕೇಂದ್ರ ವಲಯ,
ಬೆಂಗಳೂರು
DIPR/CP/AAPL/RO5667/24-25
ಸಾರ್ವಜನಿಕ ಗ್ರಂಥಾಲಯ ಇಲಾಖೆ
ಉಪನಿರ್ದೇಶಕರ ಕಛೇರಿ, ನಗರ ಕೇಂದ್ರ ಗ್ರಂಥಾಲಯ, ಪಶ್ಚಿಮ ವಲಯ, ಹಂಪಿನಗರ, ಬೆಂಗಳೂರು - 560 104. ದೂರವಾಣಿ: 080-23209691
ಇ-ಮೇಲ್: westzone_hampinagar@rediffmail.com
ಕಡತ ಸಂಖ್ಯೆ: ನಕೇಗ್ರಂ/ಪವ/ದರಪ/133/ಶಾ.ಗ್ರಾ.ಗ್ರಂ.CCTV.ಕಫ.ಸಂ.ಫ/2024-25/1149 ದಿನಾಂಕ 14.03.2025
ದರಪಟ್ಟಿ ಪ್ರಕಟಣೆ
2024-25ನೇ ಸಾಲಿನಲ್ಲಿ ನಗರ ಕೇಂದ್ರ ಗ್ರಂಥಾಲಯ, ಪಶ್ಚಿಮ ವಲಯ, ಹಂಪಿನಗರ, ಬೆಂಗಳೂರು ಇವರ ವ್ಯಾಪ್ತಿಯ ಶಾಖಾ, ವಾಚನಾಲಯ, ಗ್ರಾಮ ಪಂಚಾಯಿತಿ ಗ್ರಂಥಾಲಯಗಳಿಗೆ "CCTV ಕ್ಯಾಮೆರಾಗಳನ್ನು & ಅಗ್ನಿಶಾಮಕ ಉಪಕರಣಗಳು" ಸರಬರಾಜು ಮಾಡಿ, ಅಳವಡಿಸಲು ದರಪಟ್ಟಿ ಆಹ್ವಾನಿಸಲಾಗಿದೆ. 1) ದರಪಟ್ಟಿ ಕಡತ ಸಂಖ್ಯೆ: ನಕೇಗ್ರಂ/ಪವ/ದರಪ/133/ಶಾ.ಗ್ರಾ.ಗ್ರಂ.CCTV, ಕಫ.ಸಂ.ಫ/2024-25 ದಿನಾಂಕ: 14.03.2025. 2) ದರಪಟ್ಟಿ ಸಲ್ಲಿಸಲು ಕೊನೆಯ ದಿನಾಂಕ: 21.03.2025 ರಂದು ಮಧ್ಯಾಹ್ನ 2.45 ಗಂಟೆಯೊಳಗೆ. 3) ದರಪಟ್ಟಿ ತೆರೆಯುವ ದಿನಾಂಕ: 21.03.2025ರಂದು ಸಂಜೆ 4.20 ಗಂಟೆಯಿಂದ 5.15 ಗಂಟೆವರೆಗೆ. 4) ಇ.ಎಂ.ಡಿ. ಮೊತ್ತ: ರೂ. 10,000/- ಹೆಚ್ಚಿನ ವಿವರಗಳಿಗೆ ಕಛೇರಿ ವೇಳೆಯಲ್ಲಿ ಸಂಪರ್ಕಿಸಬಹುದು.
ಸಹಿ/-
ಉಪನಿರ್ದೇಶಕರು,
ನಗರ ಕೇಂದ್ರ ಗ್ರಂಥಾಲಯ, ಪಶ್ಚಿಮ ವಲಯ,
ಹಂಪಿನಗರ, ಬೆಂಗಳೂರು.
ವಾಸಾಇ/ಉಸಂ/ಇಮಿ/5675/2024-25
